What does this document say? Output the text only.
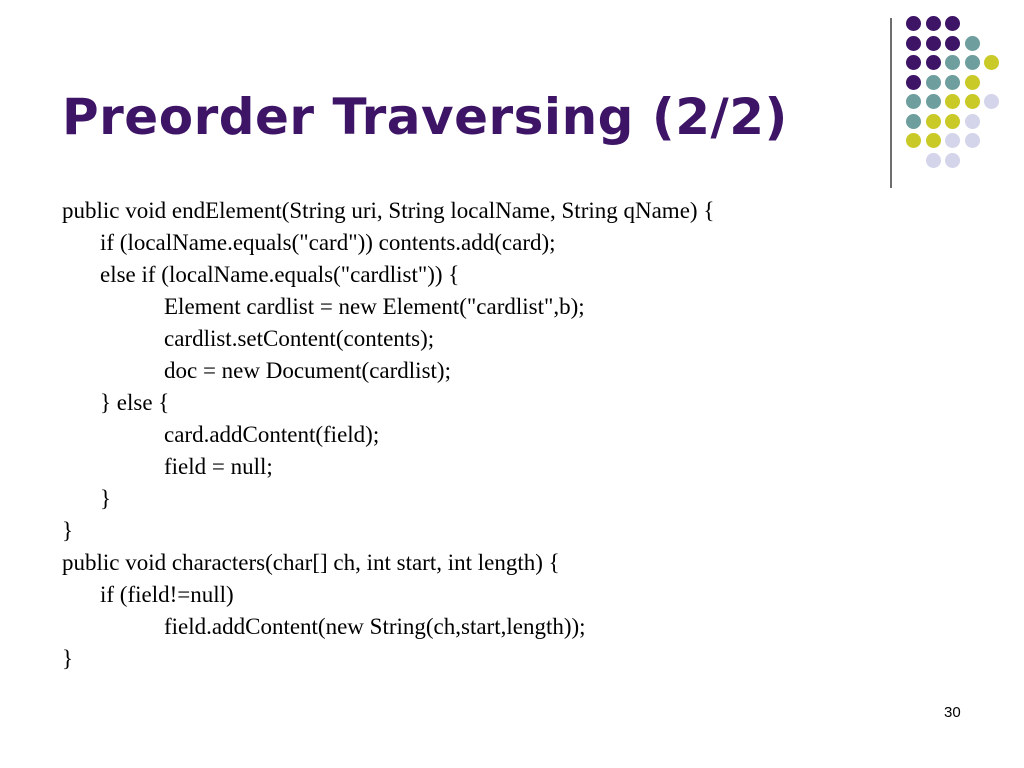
Preorder Traversing (2/2)
public void endElement(String uri, String localName, String qName) {
if (localName.equals("card")) contents.add(card);
else if (localName.equals("cardlist")) {
Element cardlist = new Element("cardlist",b);
cardlist.setContent(contents);
doc = new Document(cardlist);
} else {
card.addContent(field);
field = null;
}
}
public void characters(char[] ch, int start, int length) {
if (field!=null)
field.addContent(new String(ch,start,length));
}
30
